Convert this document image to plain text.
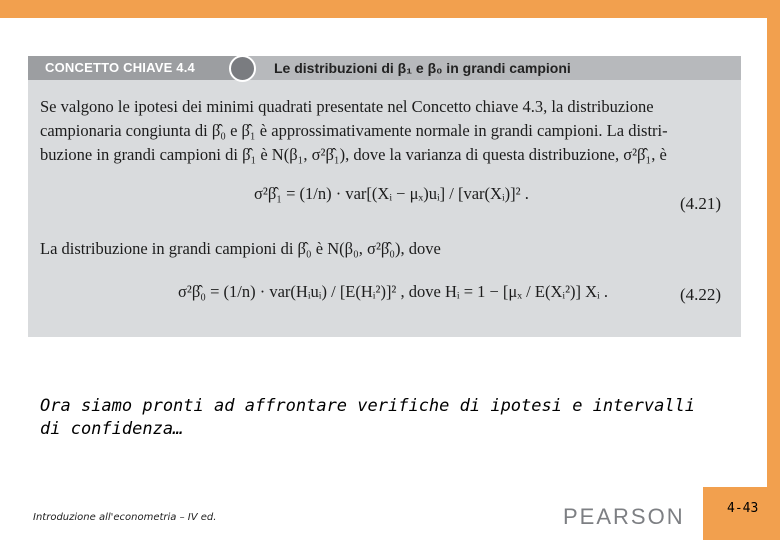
CONCETTO CHIAVE 4.4	Le distribuzioni di β₁ e β₀ in grandi campioni
Se valgono le ipotesi dei minimi quadrati presentate nel Concetto chiave 4.3, la distribuzione
campionaria congiunta di β̂₀ e β̂₁ è approssimativamente normale in grandi campioni. La distri-
buzione in grandi campioni di β̂₁ è N(β₁, σ²β̂₁), dove la varianza di questa distribuzione, σ²β̂₁, è
σ²β̂₁ = (1/n) · var[(Xᵢ − μₓ)uᵢ] / [var(Xᵢ)]² .
(4.21)
La distribuzione in grandi campioni di β̂₀ è N(β₀, σ²β̂₀), dove
σ²β̂₀ = (1/n) · var(Hᵢuᵢ) / [E(Hᵢ²)]² , dove Hᵢ = 1 − [μₓ / E(Xᵢ²)] Xᵢ .	(4.22)
Ora siamo pronti ad affrontare verifiche di ipotesi e intervalli di confidenza…
Introduzione all'econometria – IV ed.	PEARSON	4-43
